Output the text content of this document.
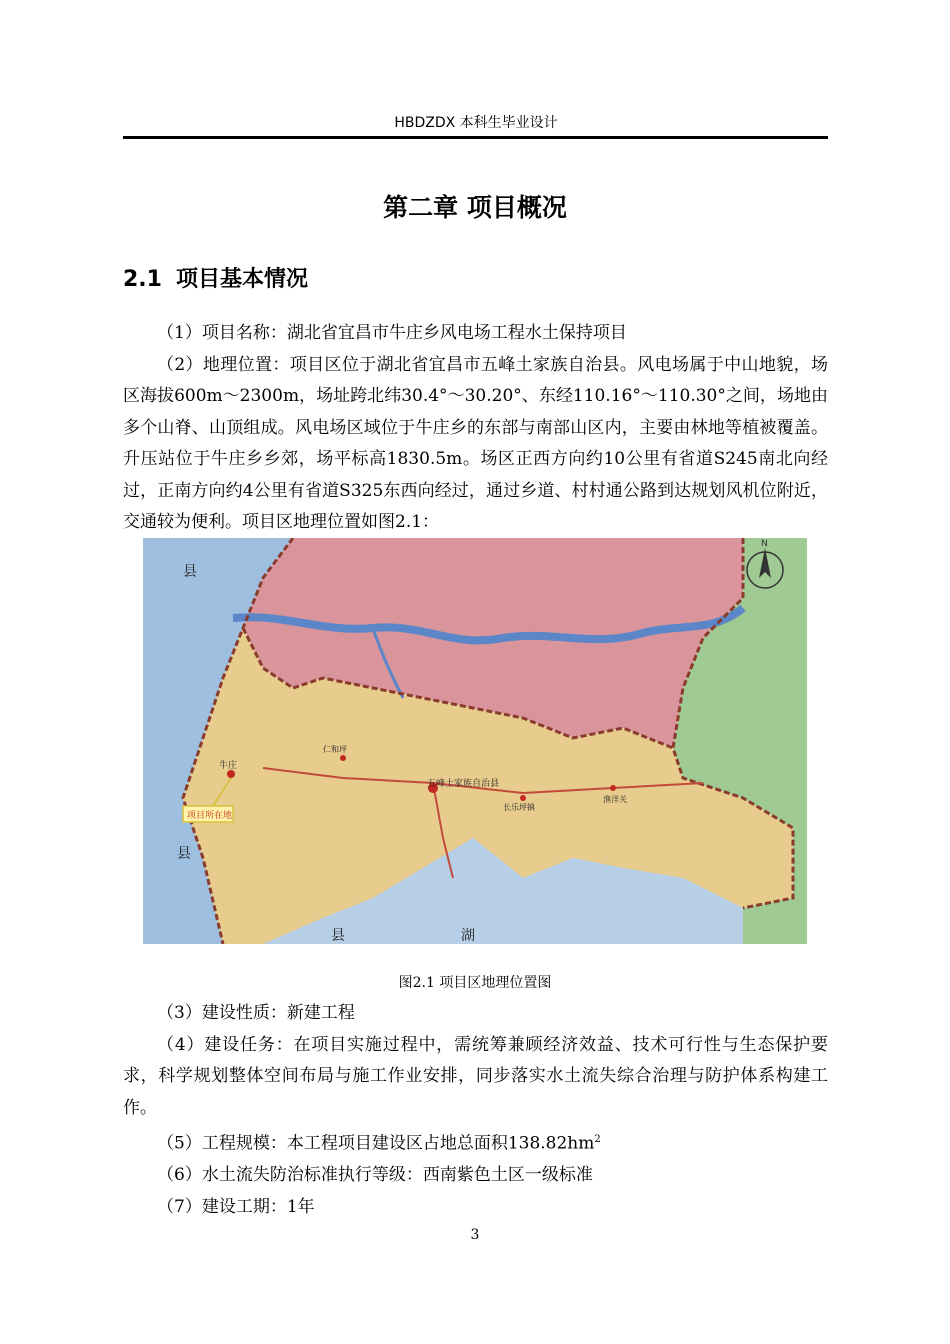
HBDZDX 本科生毕业设计
第二章 项目概况
2.1 项目基本情况

（1）项目名称：湖北省宜昌市牛庄乡风电场工程水土保持项目

（2）地理位置：项目区位于湖北省宜昌市五峰土家族自治县。风电场属于中山地貌，场区海拔600m～2300m，场址跨北纬30.4°～30.20°、东经110.16°～110.30°之间，场地由多个山脊、山顶组成。风电场区域位于牛庄乡的东部与南部山区内，主要由林地等植被覆盖。升压站位于牛庄乡乡郊，场平标高1830.5m。场区正西方向约10公里有省道S245南北向经过，正南方向约4公里有省道S325东西向经过，通过乡道、村村通公路到达规划风机位附近，交通较为便利。项目区地理位置如图2.1：

县
县
县	湖
牛庄
五峰土家族自治县
长乐坪镇
渔洋关
仁和坪
项目所在地
N
图2.1 项目区地理位置图

（3）建设性质：新建工程

（4）建设任务：在项目实施过程中，需统筹兼顾经济效益、技术可行性与生态保护要求，科学规划整体空间布局与施工作业安排，同步落实水土流失综合治理与防护体系构建工作。

（5）工程规模：本工程项目建设区占地总面积$138.82hm^2$

（6）水土流失防治标准执行等级：西南紫色土区一级标准

（7）建设工期：1年

3
